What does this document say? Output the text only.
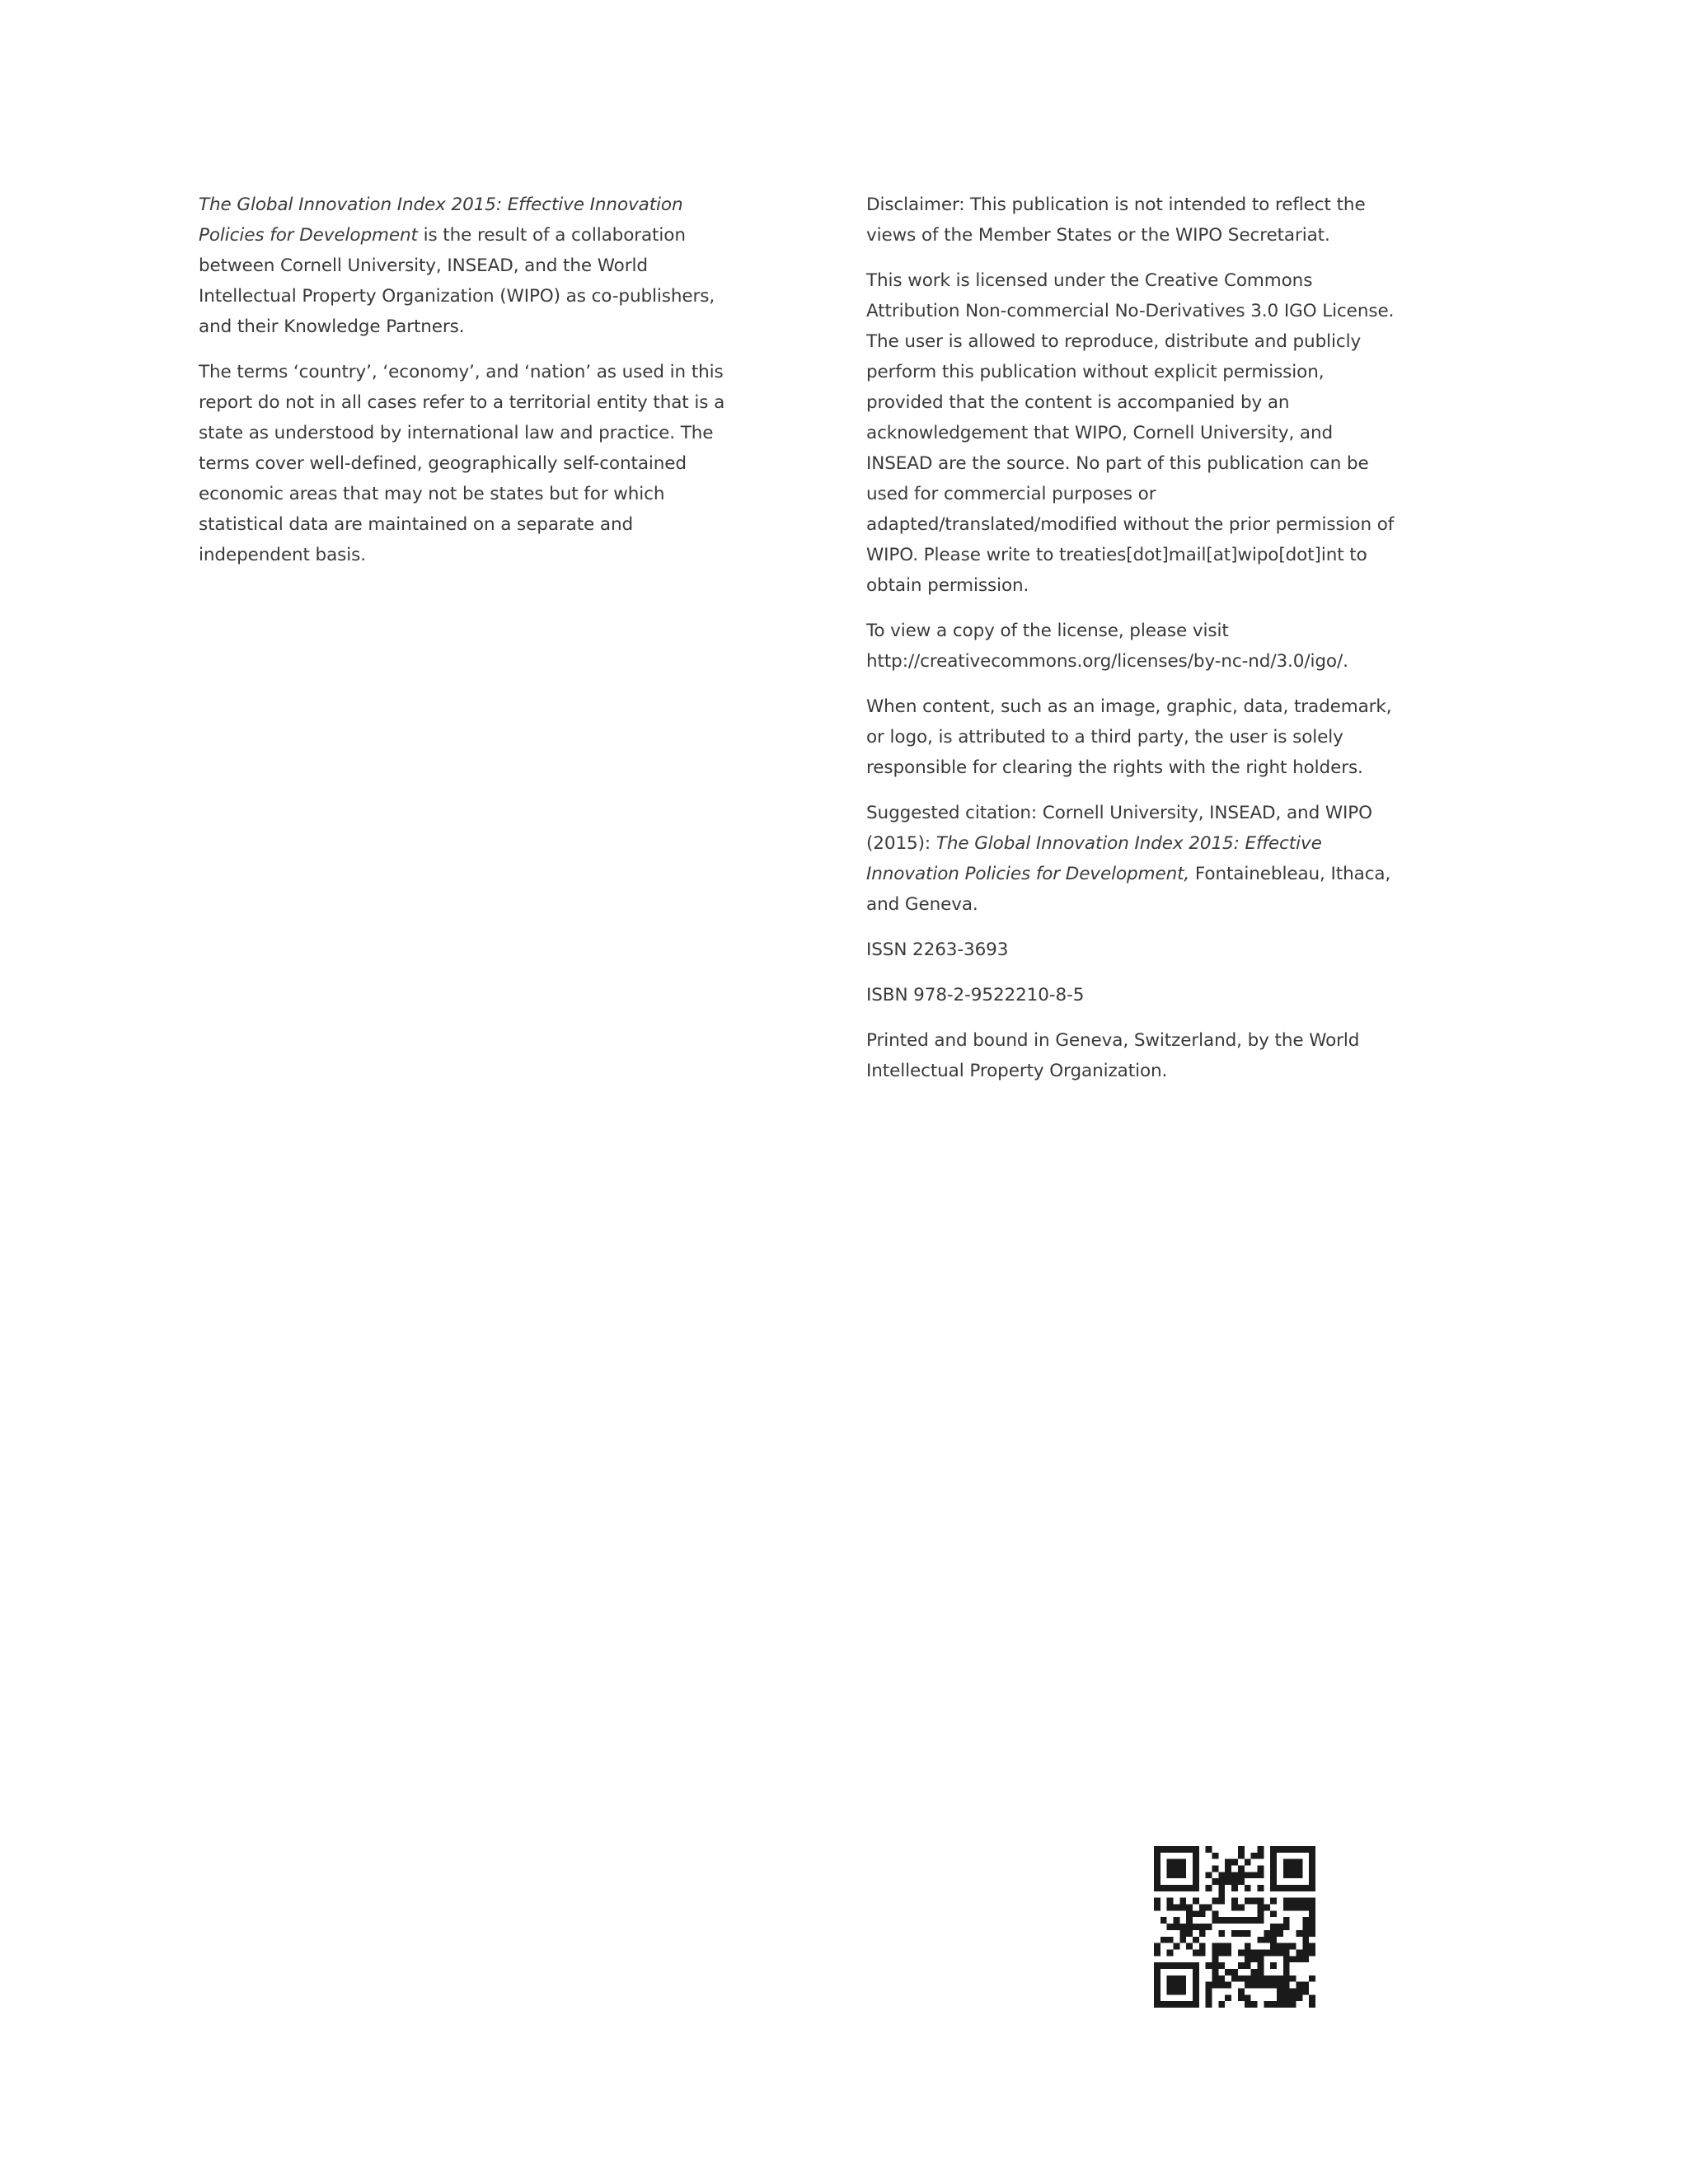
The Global Innovation Index 2015: Effective Innovation Policies for Development is the result of a collaboration between Cornell University, INSEAD, and the World Intellectual Property Organization (WIPO) as co-publishers, and their Knowledge Partners.

The terms ‘country’, ‘economy’, and ‘nation’ as used in this report do not in all cases refer to a territorial entity that is a state as understood by international law and practice. The terms cover well-defined, geographically self-contained economic areas that may not be states but for which statistical data are maintained on a separate and independent basis.

Disclaimer: This publication is not intended to reflect the views of the Member States or the WIPO Secretariat.

This work is licensed under the Creative Commons Attribution Non-commercial No-Derivatives 3.0 IGO License. The user is allowed to reproduce, distribute and publicly perform this publication without explicit permission, provided that the content is accompanied by an acknowledgement that WIPO, Cornell University, and INSEAD are the source. No part of this publication can be used for commercial purposes or adapted/translated/modified without the prior permission of WIPO. Please write to treaties[dot]mail[at]wipo[dot]int to obtain permission.

To view a copy of the license, please visit http://creativecommons.org/licenses/by-nc-nd/3.0/igo/.

When content, such as an image, graphic, data, trademark, or logo, is attributed to a third party, the user is solely responsible for clearing the rights with the right holders.

Suggested citation: Cornell University, INSEAD, and WIPO (2015): The Global Innovation Index 2015: Effective Innovation Policies for Development, Fontainebleau, Ithaca, and Geneva.

ISSN 2263-3693

ISBN 978-2-9522210-8-5

Printed and bound in Geneva, Switzerland, by the World Intellectual Property Organization.
